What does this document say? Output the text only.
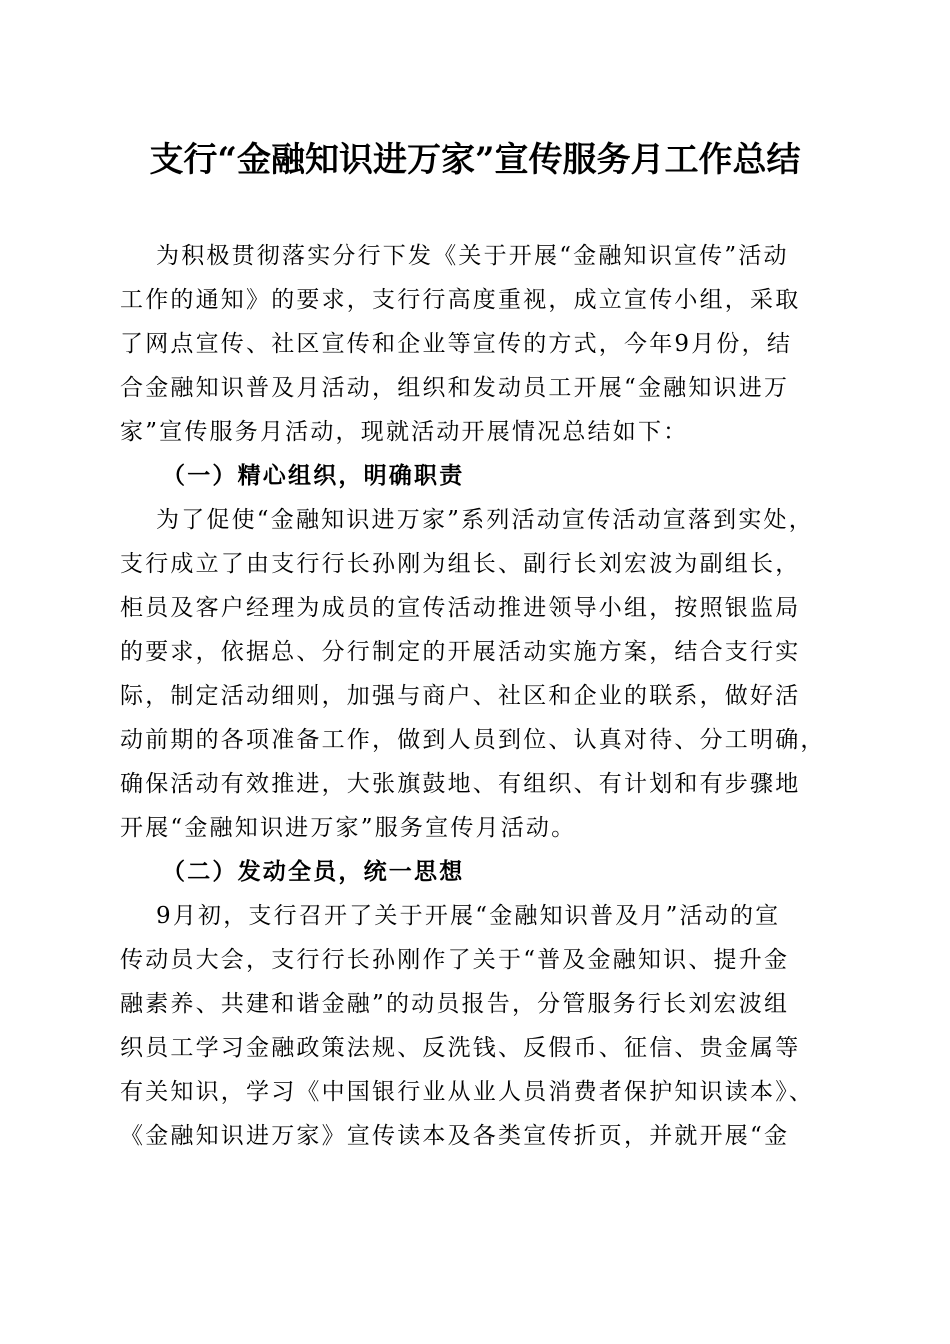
支行“金融知识进万家”宣传服务月工作总结
为积极贯彻落实分行下发《关于开展“金融知识宣传”活动
工作的通知》的要求，支行行高度重视，成立宣传小组，采取
了网点宣传、社区宣传和企业等宣传的方式，今年9月份，结
合金融知识普及月活动，组织和发动员工开展“金融知识进万
家”宣传服务月活动，现就活动开展情况总结如下：
（一）精心组织，明确职责
为了促使“金融知识进万家”系列活动宣传活动宣落到实处，
支行成立了由支行行长孙刚为组长、副行长刘宏波为副组长，
柜员及客户经理为成员的宣传活动推进领导小组，按照银监局
的要求，依据总、分行制定的开展活动实施方案，结合支行实
际，制定活动细则，加强与商户、社区和企业的联系，做好活
动前期的各项准备工作，做到人员到位、认真对待、分工明确，
确保活动有效推进，大张旗鼓地、有组织、有计划和有步骤地
开展“金融知识进万家”服务宣传月活动。
（二）发动全员，统一思想
9月初，支行召开了关于开展“金融知识普及月”活动的宣
传动员大会，支行行长孙刚作了关于“普及金融知识、提升金
融素养、共建和谐金融”的动员报告，分管服务行长刘宏波组
织员工学习金融政策法规、反洗钱、反假币、征信、贵金属等
有关知识，学习《中国银行业从业人员消费者保护知识读本》、
《金融知识进万家》宣传读本及各类宣传折页，并就开展“金
